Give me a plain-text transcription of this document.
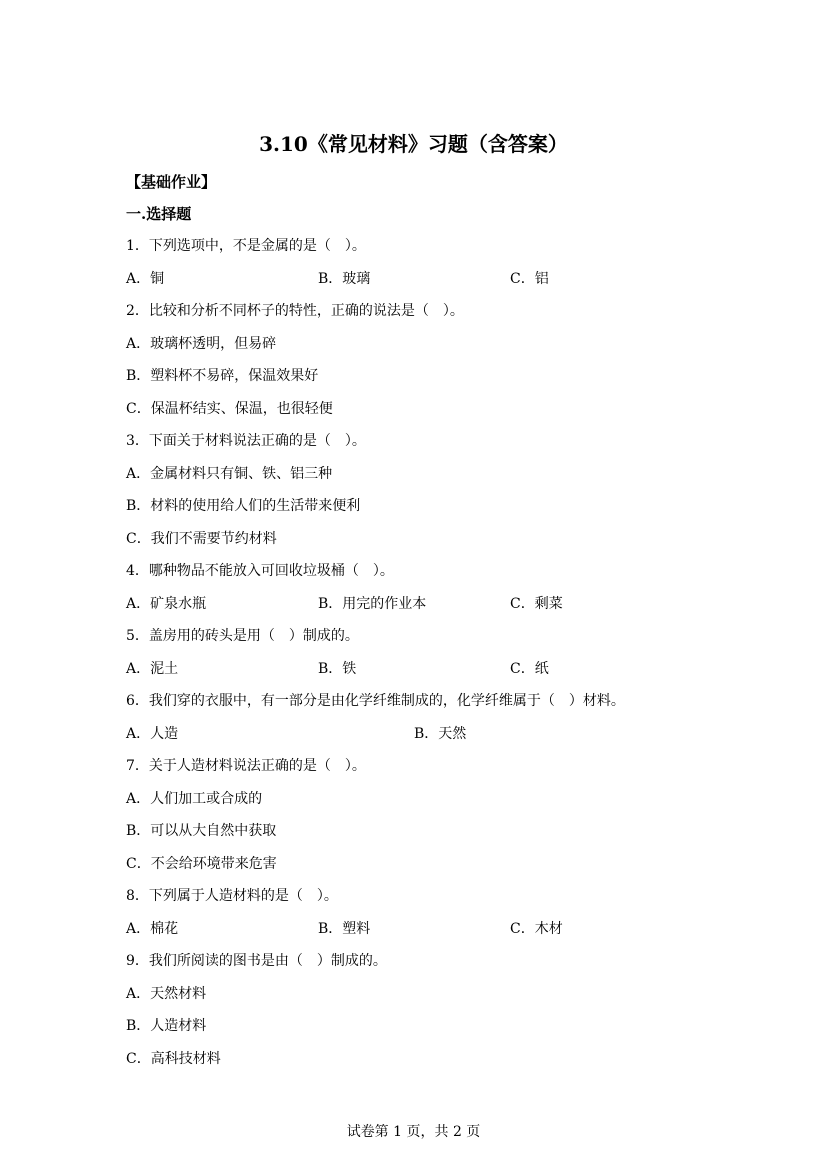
3.10《常见材料》习题（含答案）
【基础作业】
一.选择题
1．下列选项中，不是金属的是（　）。
A．铜	B．玻璃	C．铝
2．比较和分析不同杯子的特性，正确的说法是（　）。
A．玻璃杯透明，但易碎
B．塑料杯不易碎，保温效果好
C．保温杯结实、保温，也很轻便
3．下面关于材料说法正确的是（　）。
A．金属材料只有铜、铁、铝三种
B．材料的使用给人们的生活带来便利
C．我们不需要节约材料
4．哪种物品不能放入可回收垃圾桶（　）。
A．矿泉水瓶	B．用完的作业本	C．剩菜
5．盖房用的砖头是用（　）制成的。
A．泥土	B．铁	C．纸
6．我们穿的衣服中，有一部分是由化学纤维制成的，化学纤维属于（　）材料。
A．人造	B．天然
7．关于人造材料说法正确的是（　）。
A．人们加工或合成的
B．可以从大自然中获取
C．不会给环境带来危害
8．下列属于人造材料的是（　）。
A．棉花	B．塑料	C．木材
9．我们所阅读的图书是由（　）制成的。
A．天然材料
B．人造材料
C．高科技材料
试卷第 1 页，共 2 页
